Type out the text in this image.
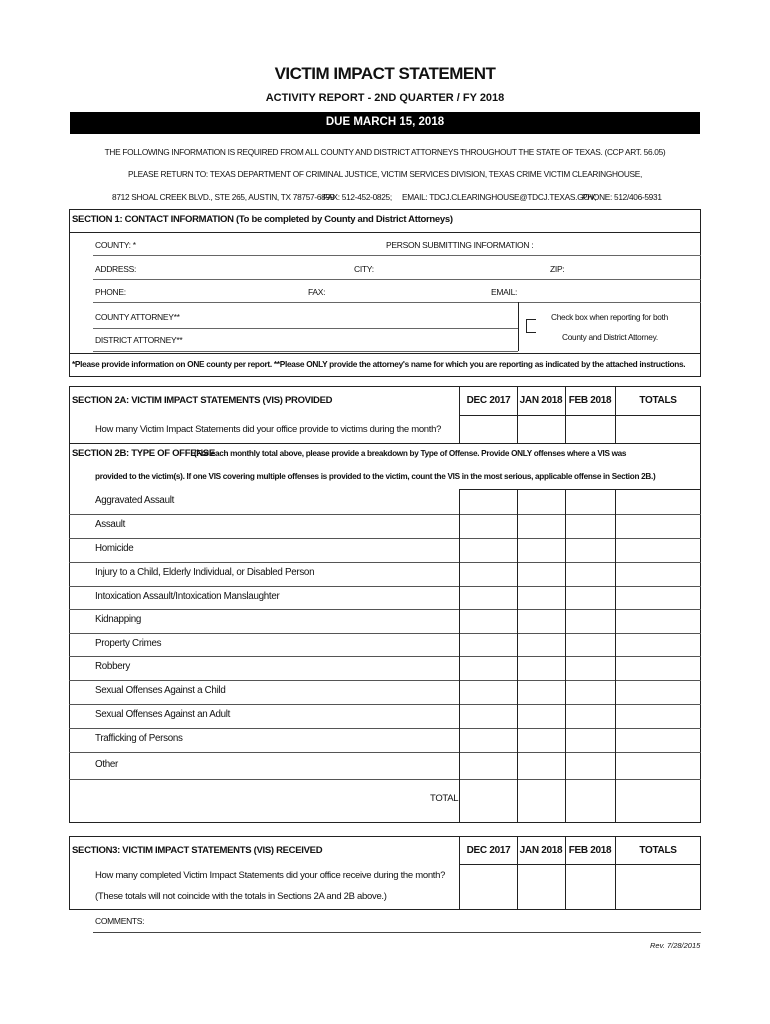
VICTIM IMPACT STATEMENT
ACTIVITY REPORT - 2ND QUARTER / FY 2018
DUE MARCH 15, 2018
THE FOLLOWING INFORMATION IS REQUIRED FROM ALL COUNTY AND DISTRICT ATTORNEYS THROUGHOUT THE STATE OF TEXAS. (CCP ART. 56.05)
PLEASE RETURN TO: TEXAS DEPARTMENT OF CRIMINAL JUSTICE, VICTIM SERVICES DIVISION, TEXAS CRIME VICTIM CLEARINGHOUSE,
8712 SHOAL CREEK BLVD., STE 265, AUSTIN, TX 78757-6899
FAX: 512-452-0825; EMAIL: TDCJ.CLEARINGHOUSE@TDCJ.TEXAS.GOV;
PHONE: 512/406-5931
SECTION 1: CONTACT INFORMATION (To be completed by County and District Attorneys)
COUNTY: *	PERSON SUBMITTING INFORMATION :
ADDRESS:	CITY:	ZIP:
PHONE:	FAX:	EMAIL:
COUNTY ATTORNEY**
DISTRICT ATTORNEY**
Check box when reporting for both
County and District Attorney.
*Please provide information on ONE county per report. **Please ONLY provide the attorney's name for which you are reporting as indicated by the attached instructions.
SECTION 2A: VICTIM IMPACT STATEMENTS (VIS) PROVIDED	DEC 2017 JAN 2018 FEB 2018	TOTALS
How many Victim Impact Statements did your office provide to victims during the month?
SECTION 2B: TYPE OF OFFENSE
(For each monthly total above, please provide a breakdown by Type of Offense. Provide ONLY offenses where a VIS was
provided to the victim(s). If one VIS covering multiple offenses is provided to the victim, count the VIS in the most serious, applicable offense in Section 2B.)
Aggravated Assault
Assault
Homicide
Injury to a Child, Elderly Individual, or Disabled Person
Intoxication Assault/Intoxication Manslaughter
Kidnapping
Property Crimes
Robbery
Sexual Offenses Against a Child
Sexual Offenses Against an Adult
Trafficking of Persons
Other
TOTAL
SECTION3: VICTIM IMPACT STATEMENTS (VIS) RECEIVED	DEC 2017 JAN 2018 FEB 2018	TOTALS
How many completed Victim Impact Statements did your office receive during the month?
(These totals will not coincide with the totals in Sections 2A and 2B above.)
COMMENTS:
Rev. 7/28/2015
